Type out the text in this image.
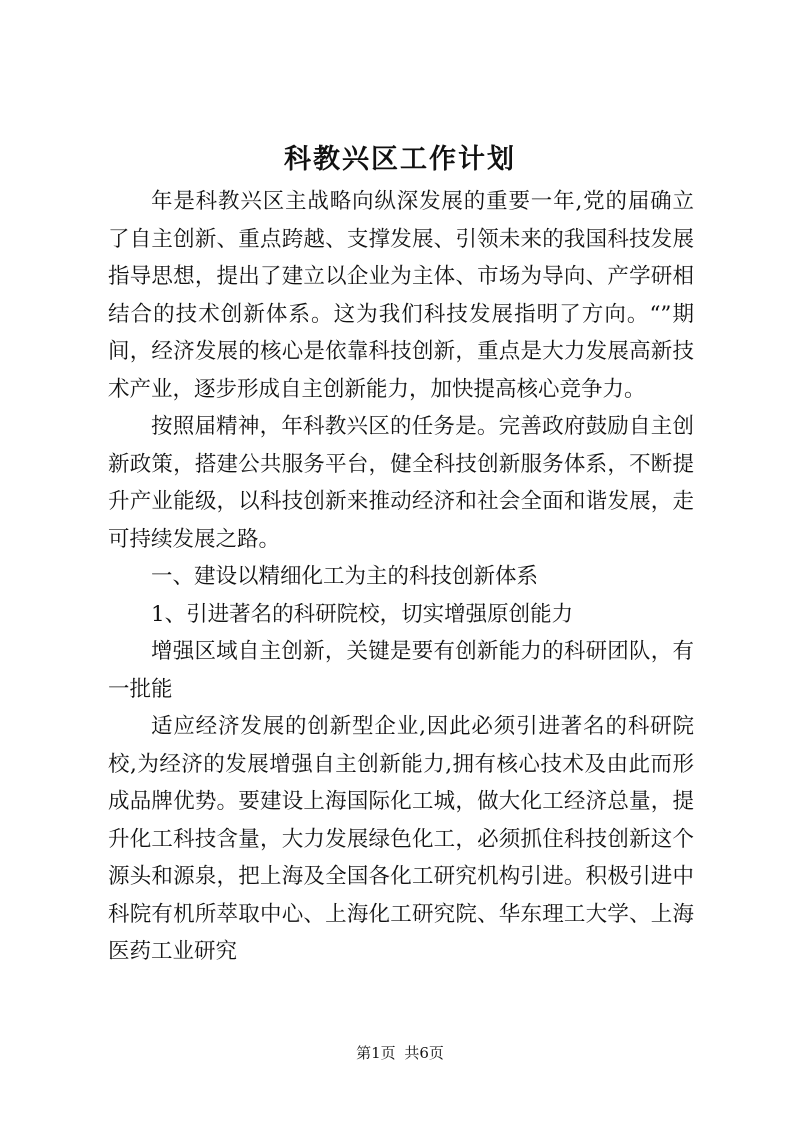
科教兴区工作计划

年是科教兴区主战略向纵深发展的重要一年,党的届确立了自主创新、重点跨越、支撑发展、引领未来的我国科技发展指导思想，提出了建立以企业为主体、市场为导向、产学研相结合的技术创新体系。这为我们科技发展指明了方向。“”期间，经济发展的核心是依靠科技创新，重点是大力发展高新技术产业，逐步形成自主创新能力，加快提高核心竞争力。

按照届精神，年科教兴区的任务是。完善政府鼓励自主创新政策，搭建公共服务平台，健全科技创新服务体系，不断提升产业能级，以科技创新来推动经济和社会全面和谐发展，走可持续发展之路。

一、建设以精细化工为主的科技创新体系

1、引进著名的科研院校，切实增强原创能力

增强区域自主创新，关键是要有创新能力的科研团队，有一批能

适应经济发展的创新型企业,因此必须引进著名的科研院校,为经济的发展增强自主创新能力,拥有核心技术及由此而形成品牌优势。要建设上海国际化工城，做大化工经济总量，提升化工科技含量，大力发展绿色化工，必须抓住科技创新这个源头和源泉，把上海及全国各化工研究机构引进。积极引进中科院有机所萃取中心、上海化工研究院、华东理工大学、上海医药工业研究

第1页 共6页
